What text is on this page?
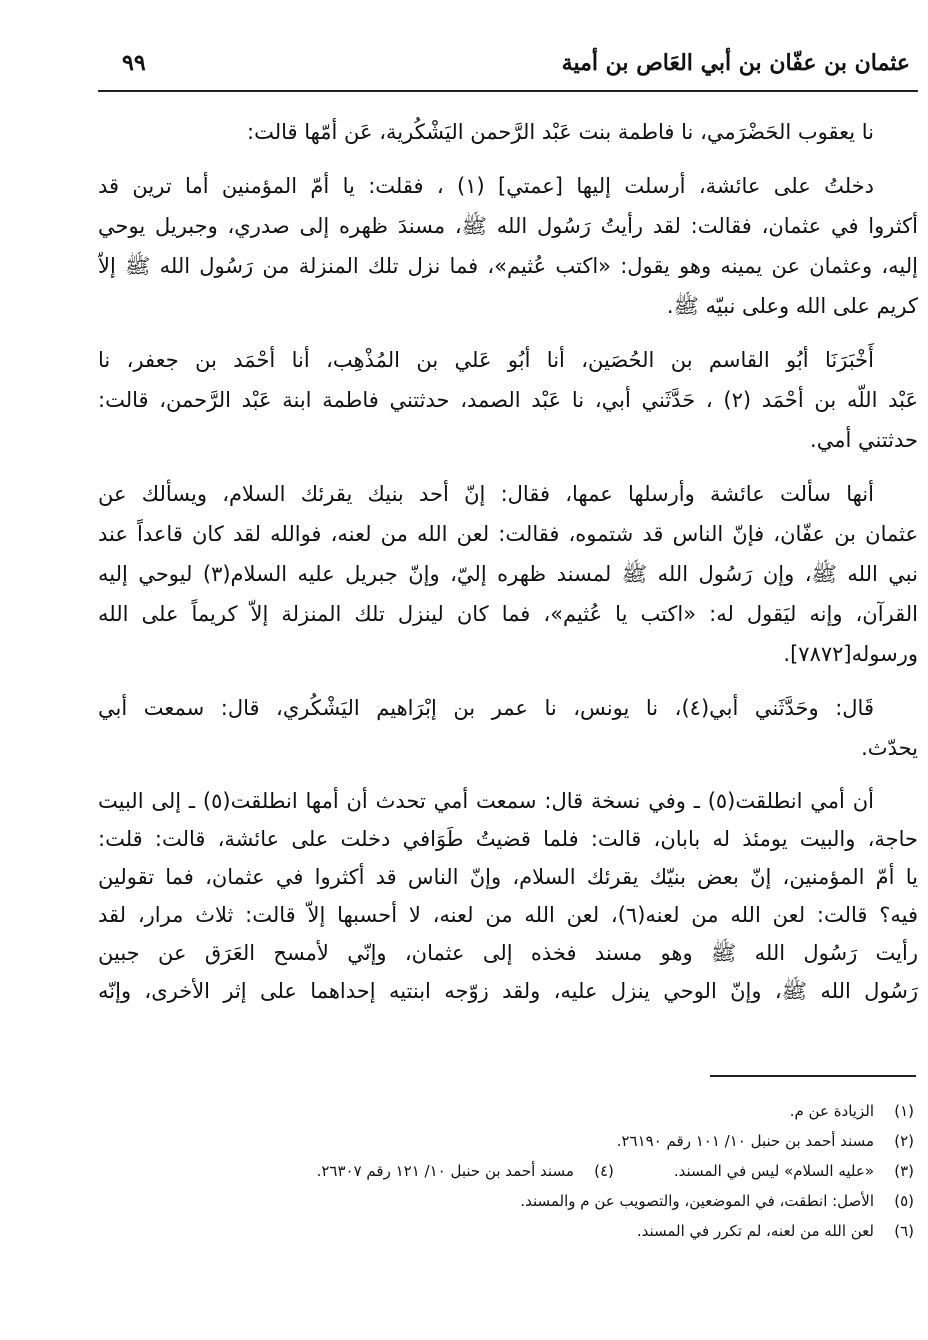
عثمان بن عفّان بن أبي العَاص بن أمية
٩٩
نا يعقوب الحَضْرَمي، نا فاطمة بنت عَبْد الرَّحمن اليَشْكُرية، عَن أمّها قالت:
دخلتُ على عائشة، أرسلت إليها [عمتي] (١) ، فقلت: يا أمّ المؤمنين أما ترين قد
أكثروا في عثمان، فقالت: لقد رأيتُ رَسُول الله ﷺ، مسندَ ظهره إلى صدري، وجبريل يوحي
إليه، وعثمان عن يمينه وهو يقول: «اكتب عُثيم»، فما نزل تلك المنزلة من رَسُول الله ﷺ إلاّ
كريم على الله وعلى نبيّه ﷺ.
أَخْبَرَنَا أبُو القاسم بن الحُصَين، أنا أبُو عَلي بن المُذْهِب، أنا أحْمَد بن جعفر، نا
عَبْد اللّه بن أحْمَد (٢) ، حَدَّثَني أبي، نا عَبْد الصمد، حدثتني فاطمة ابنة عَبْد الرَّحمن، قالت:
حدثتني أمي.
أنها سألت عائشة وأرسلها عمها، فقال: إنّ أحد بنيك يقرئك السلام، ويسألك عن
عثمان بن عفّان، فإنّ الناس قد شتموه، فقالت: لعن الله من لعنه، فوالله لقد كان قاعداً عند
نبي الله ﷺ، وإن رَسُول الله ﷺ لمسند ظهره إليّ، وإنّ جبريل عليه السلام(٣) ليوحي إليه
القرآن، وإنه ليَقول له: «اكتب يا عُثيم»، فما كان لينزل تلك المنزلة إلاّ كريماً على الله
ورسوله[٧٨٧٢].
قَال: وحَدَّثَني أبي(٤)، نا يونس، نا عمر بن إبْرَاهيم اليَشْكُري، قال: سمعت أبي
يحدّث.
أن أمي انطلقت(٥) ـ وفي نسخة قال: سمعت أمي تحدث أن أمها انطلقت(٥) ـ إلى البيت
حاجة، والبيت يومئذ له بابان، قالت: فلما قضيتُ طَوَافي دخلت على عائشة، قالت: قلت:
يا أمّ المؤمنين، إنّ بعض بنيّك يقرئك السلام، وإنّ الناس قد أكثروا في عثمان، فما تقولين
فيه؟ قالت: لعن الله من لعنه(٦)، لعن الله من لعنه، لا أحسبها إلاّ قالت: ثلاث مرار، لقد
رأيت رَسُول الله ﷺ وهو مسند فخذه إلى عثمان، وإنّي لأمسح العَرَق عن جبين
رَسُول الله ﷺ، وإنّ الوحي ينزل عليه، ولقد زوّجه ابنتيه إحداهما على إثر الأخرى، وإنّه
(١)
الزيادة عن م.
(٢)
مسند أحمد بن حنبل ١٠/ ١٠١ رقم ٢٦١٩٠.
(٣)
«عليه السلام» ليس في المسند.
(٤)
مسند أحمد بن حنبل ١٠/ ١٢١ رقم ٢٦٣٠٧.
(٥)
الأصل: انطقت، في الموضعين، والتصويب عن م والمسند.
(٦)
لعن الله من لعنه، لم تكرر في المسند.
